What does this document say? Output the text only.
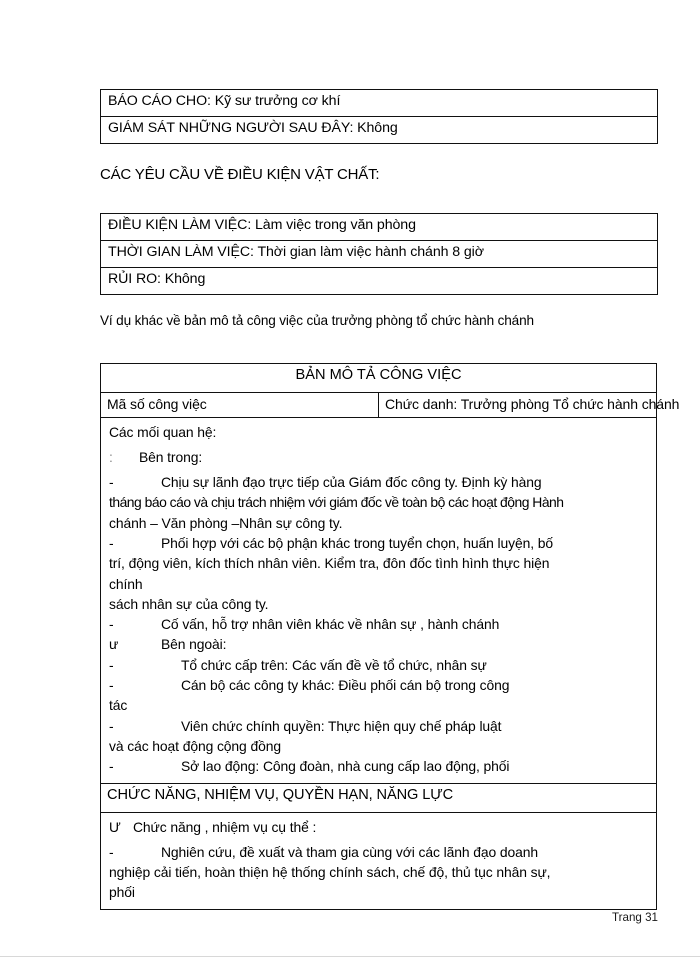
BÁO CÁO CHO: Kỹ sư trưởng cơ khí
GIÁM SÁT NHỮNG NGƯỜI SAU ĐÂY: Không
CÁC YÊU CẦU VỀ ĐIỀU KIỆN VẬT CHẤT:
ĐIỀU KIỆN LÀM VIỆC: Làm việc trong văn phòng
THỜI GIAN LÀM VIỆC: Thời gian làm việc hành chánh 8 giờ
RỦI RO: Không
Ví dụ khác về bản mô tả công việc của trưởng phòng tổ chức hành chánh
BẢN MÔ TẢ CÔNG VIỆC
Mã số công việc	Chức danh: Trưởng phòng Tổ chức hành chánh

Các mối quan hệ:
:	Bên trong:
-	Chịu sự lãnh đạo trực tiếp của Giám đốc công ty. Định kỳ hàng
tháng báo cáo và chịu trách nhiệm với giám đốc về toàn bộ các hoạt động Hành
chánh – Văn phòng –Nhân sự công ty.
-	Phối hợp với các bộ phận khác trong tuyển chọn, huấn luyện, bố
trí, động viên, kích thích nhân viên. Kiểm tra, đôn đốc tình hình thực hiện
chính
sách nhân sự của công ty.
-	Cố vấn, hỗ trợ nhân viên khác về nhân sự , hành chánh
ư	Bên ngoài:
-	Tổ chức cấp trên: Các vấn đề về tổ chức, nhân sự
-	Cán bộ các công ty khác: Điều phối cán bộ trong công
tác
-	Viên chức chính quyền: Thực hiện quy chế pháp luật
và các hoạt động cộng đồng
-	Sở lao động: Công đoàn, nhà cung cấp lao động, phối

CHỨC NĂNG, NHIỆM VỤ, QUYỀN HẠN, NĂNG LỰC

Ư Chức năng , nhiệm vụ cụ thể :
-	Nghiên cứu, đề xuất và tham gia cùng với các lãnh đạo doanh
nghiệp cải tiến, hoàn thiện hệ thống chính sách, chế độ, thủ tục nhân sự,
phối
Trang 31
